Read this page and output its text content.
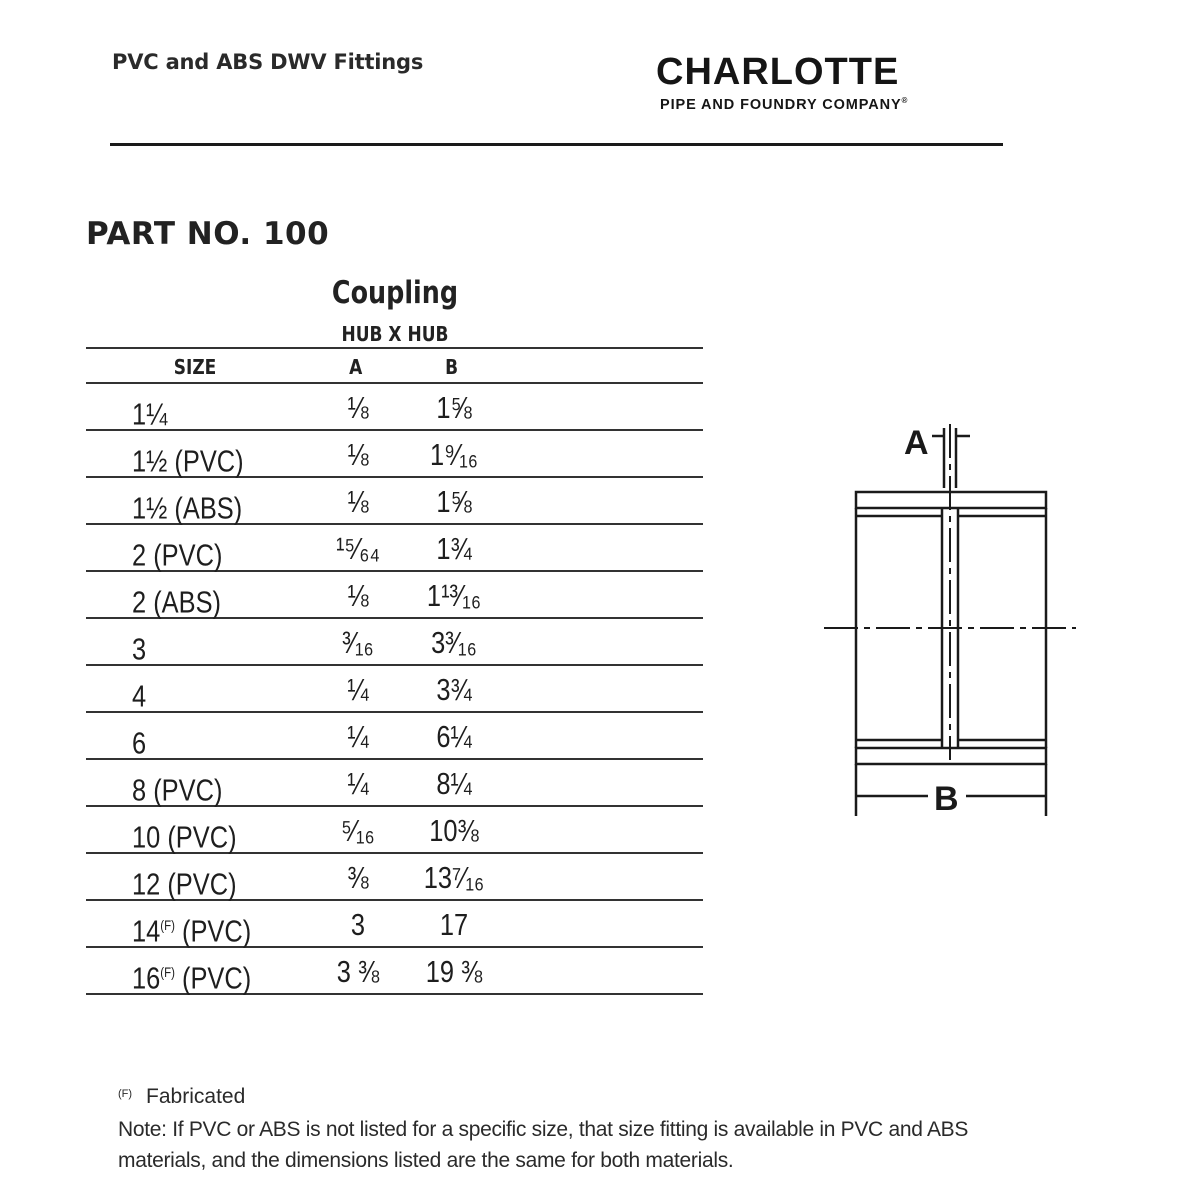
PVC and ABS DWV Fittings	CHARLOTTE
PIPE AND FOUNDRY COMPANY®
PART NO. 100
Coupling
HUB X HUB
SIZE	A	B
1¼	⅛	1⅝
1½ (PVC)	⅛	1⁹⁄₁₆
1½ (ABS)	⅛	1⅝
2 (PVC)	¹⁵⁄₆₄	1¾
2 (ABS)	⅛	1¹³⁄₁₆
3	³⁄₁₆	3³⁄₁₆
4	¼	3¾
6	¼	6¼
8 (PVC)	¼	8¼
10 (PVC)	⁵⁄₁₆	10⅜
12 (PVC)	⅜	13⁷⁄₁₆
$14^{(F)}$ (PVC)	3	17
$16^{(F)}$ (PVC)	3 ⅜	19 ⅜
A
B
$^{(F)}$ Fabricated
Note: If PVC or ABS is not listed for a specific size, that size fitting is available in PVC and ABS materials, and the dimensions listed are the same for both materials.
